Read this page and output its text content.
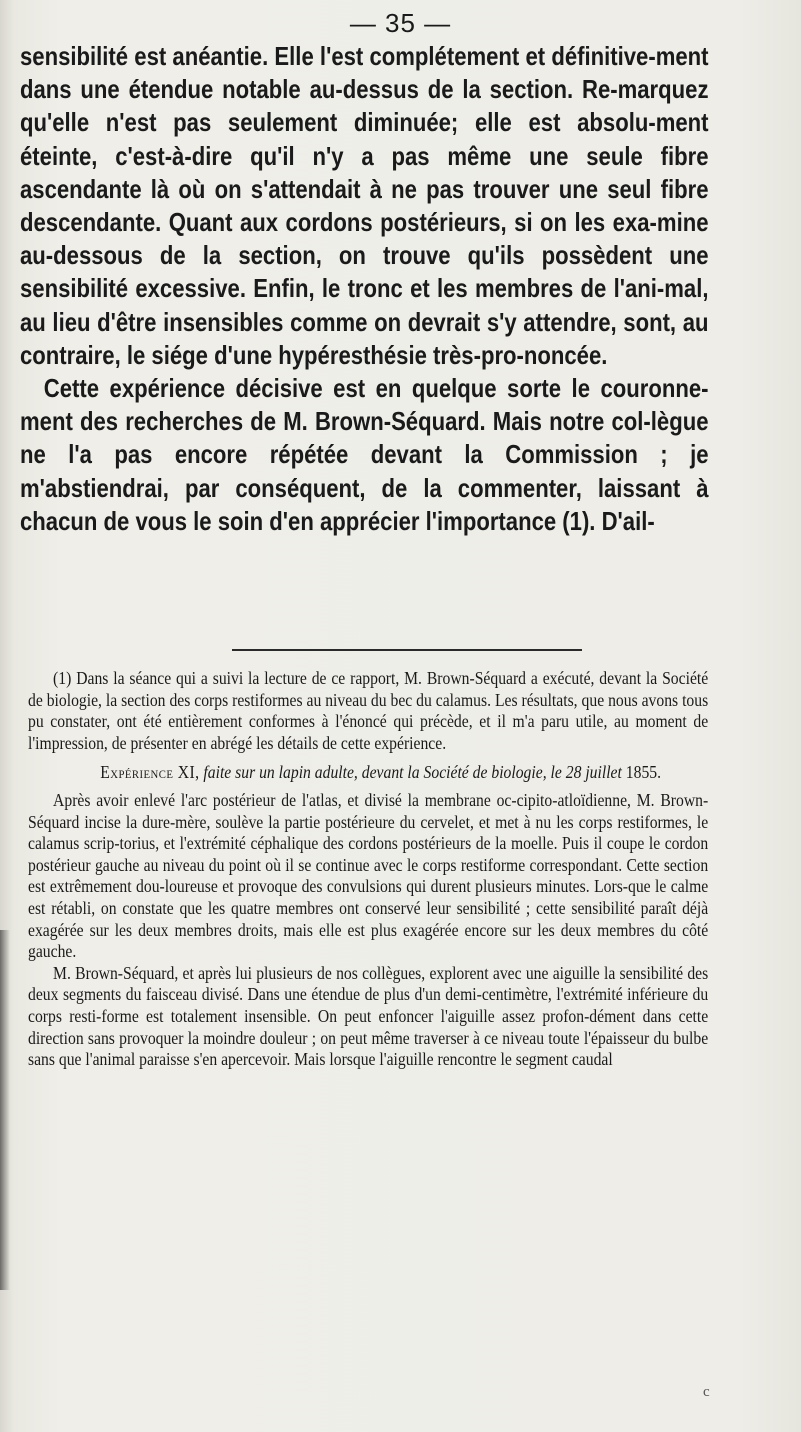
— 35 —

sensibilité est anéantie. Elle l'est complétement et définitive-ment dans une étendue notable au-dessus de la section. Re-marquez qu'elle n'est pas seulement diminuée; elle est absolu-ment éteinte, c'est-à-dire qu'il n'y a pas même une seule fibre ascendante là où on s'attendait à ne pas trouver une seul fibre descendante. Quant aux cordons postérieurs, si on les exa-mine au-dessous de la section, on trouve qu'ils possèdent une sensibilité excessive. Enfin, le tronc et les membres de l'ani-mal, au lieu d'être insensibles comme on devrait s'y attendre, sont, au contraire, le siége d'une hypéresthésie très-pro-noncée.

Cette expérience décisive est en quelque sorte le couronne-ment des recherches de M. Brown-Séquard. Mais notre col-lègue ne l'a pas encore répétée devant la Commission ; je m'abstiendrai, par conséquent, de la commenter, laissant à chacun de vous le soin d'en apprécier l'importance (1). D'ail-

(1) Dans la séance qui a suivi la lecture de ce rapport, M. Brown-Séquard a exécuté, devant la Société de biologie, la section des corps restiformes au niveau du bec du calamus. Les résultats, que nous avons tous pu constater, ont été entièrement conformes à l'énoncé qui précède, et il m'a paru utile, au moment de l'impression, de présenter en abrégé les détails de cette expérience.

Expérience XI, faite sur un lapin adulte, devant la Société de biologie, le 28 juillet 1855.

Après avoir enlevé l'arc postérieur de l'atlas, et divisé la membrane oc-cipito-atloïdienne, M. Brown-Séquard incise la dure-mère, soulève la partie postérieure du cervelet, et met à nu les corps restiformes, le calamus scrip-torius, et l'extrémité céphalique des cordons postérieurs de la moelle. Puis il coupe le cordon postérieur gauche au niveau du point où il se continue avec le corps restiforme correspondant. Cette section est extrêmement dou-loureuse et provoque des convulsions qui durent plusieurs minutes. Lors-que le calme est rétabli, on constate que les quatre membres ont conservé leur sensibilité ; cette sensibilité paraît déjà exagérée sur les deux membres droits, mais elle est plus exagérée encore sur les deux membres du côté gauche.

M. Brown-Séquard, et après lui plusieurs de nos collègues, explorent avec une aiguille la sensibilité des deux segments du faisceau divisé. Dans une étendue de plus d'un demi-centimètre, l'extrémité inférieure du corps resti-forme est totalement insensible. On peut enfoncer l'aiguille assez profon-dément dans cette direction sans provoquer la moindre douleur ; on peut même traverser à ce niveau toute l'épaisseur du bulbe sans que l'animal paraisse s'en apercevoir. Mais lorsque l'aiguille rencontre le segment caudal

c
